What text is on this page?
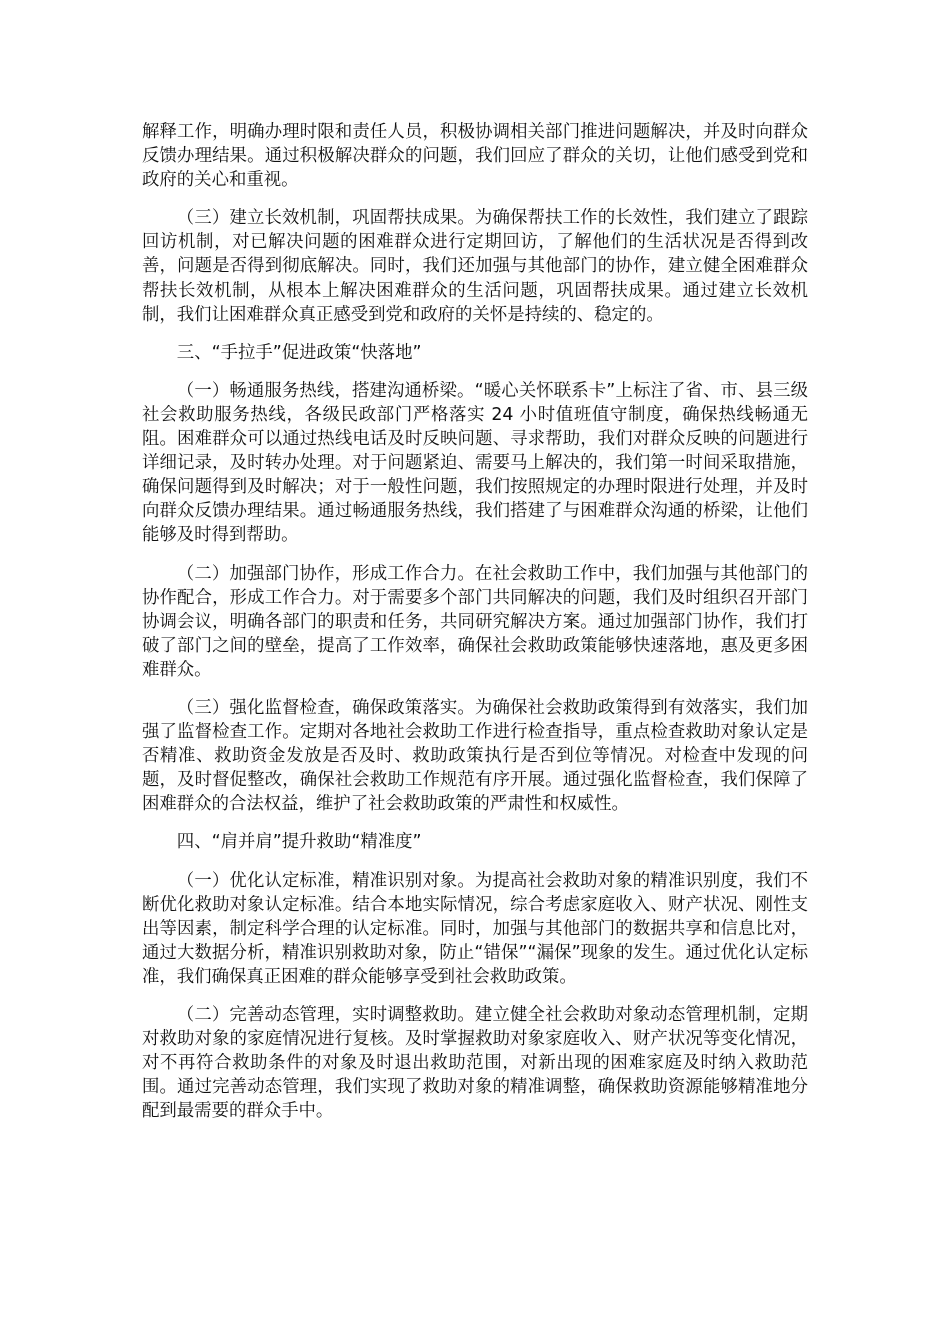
解释工作，明确办理时限和责任人员，积极协调相关部门推进问题解决，并及时向群众反馈办理结果。通过积极解决群众的问题，我们回应了群众的关切，让他们感受到党和政府的关心和重视。

（三）建立长效机制，巩固帮扶成果。为确保帮扶工作的长效性，我们建立了跟踪回访机制，对已解决问题的困难群众进行定期回访，了解他们的生活状况是否得到改善，问题是否得到彻底解决。同时，我们还加强与其他部门的协作，建立健全困难群众帮扶长效机制，从根本上解决困难群众的生活问题，巩固帮扶成果。通过建立长效机制，我们让困难群众真正感受到党和政府的关怀是持续的、稳定的。

三、“手拉手”促进政策“快落地”

（一）畅通服务热线，搭建沟通桥梁。“暖心关怀联系卡”上标注了省、市、县三级社会救助服务热线，各级民政部门严格落实 24 小时值班值守制度，确保热线畅通无阻。困难群众可以通过热线电话及时反映问题、寻求帮助，我们对群众反映的问题进行详细记录，及时转办处理。对于问题紧迫、需要马上解决的，我们第一时间采取措施，确保问题得到及时解决；对于一般性问题，我们按照规定的办理时限进行处理，并及时向群众反馈办理结果。通过畅通服务热线，我们搭建了与困难群众沟通的桥梁，让他们能够及时得到帮助。

（二）加强部门协作，形成工作合力。在社会救助工作中，我们加强与其他部门的协作配合，形成工作合力。对于需要多个部门共同解决的问题，我们及时组织召开部门协调会议，明确各部门的职责和任务，共同研究解决方案。通过加强部门协作，我们打破了部门之间的壁垒，提高了工作效率，确保社会救助政策能够快速落地，惠及更多困难群众。

（三）强化监督检查，确保政策落实。为确保社会救助政策得到有效落实，我们加强了监督检查工作。定期对各地社会救助工作进行检查指导，重点检查救助对象认定是否精准、救助资金发放是否及时、救助政策执行是否到位等情况。对检查中发现的问题，及时督促整改，确保社会救助工作规范有序开展。通过强化监督检查，我们保障了困难群众的合法权益，维护了社会救助政策的严肃性和权威性。

四、“肩并肩”提升救助“精准度”

（一）优化认定标准，精准识别对象。为提高社会救助对象的精准识别度，我们不断优化救助对象认定标准。结合本地实际情况，综合考虑家庭收入、财产状况、刚性支出等因素，制定科学合理的认定标准。同时，加强与其他部门的数据共享和信息比对，通过大数据分析，精准识别救助对象，防止“错保”“漏保”现象的发生。通过优化认定标准，我们确保真正困难的群众能够享受到社会救助政策。

（二）完善动态管理，实时调整救助。建立健全社会救助对象动态管理机制，定期对救助对象的家庭情况进行复核。及时掌握救助对象家庭收入、财产状况等变化情况，对不再符合救助条件的对象及时退出救助范围，对新出现的困难家庭及时纳入救助范围。通过完善动态管理，我们实现了救助对象的精准调整，确保救助资源能够精准地分配到最需要的群众手中。
